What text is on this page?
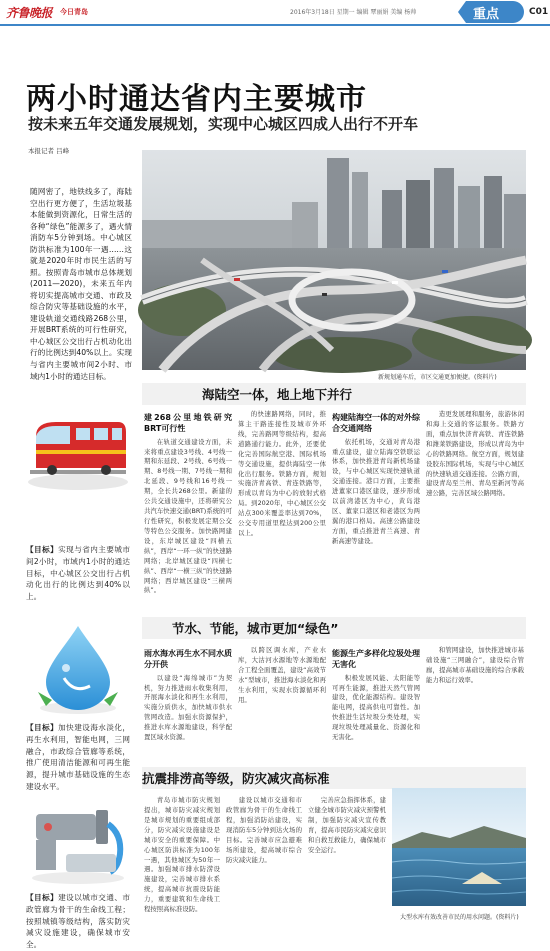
齐鲁晚报 今日青岛	2016年3月18日 星期一 编辑 覃丽娟 美编 杨帅	重点	C01
两小时通达省内主要城市
按未来五年交通发展规划，实现中心城区四成人出行不开车
本报记者 吕峰
随网密了，地铁线多了，海陆空出行更方便了，生活垃圾基本能做到资源化，日常生活的各种“绿色”能源多了，遇火情消防车5分钟到场。中心城区防洪标准为100年一遇……这就是2020年时市民生活的写照。按照青岛市城市总体规划(2011—2020)，未来五年内将切实提高城市交通、市政及综合防灾等基础设施的水平，建设轨道交通线路268公里，开展BRT系统的可行性研究，中心城区公交出行占机动化出行的比例达到40%以上。实现与省内主要城市间2小时、市域内1小时的通达目标。	新规划通车后，市区交通更加便捷。(资料片)
海陆空一体，地上地下并行
【目标】实现与省内主要城市间2小时，市域内1小时的通达目标，中心城区公交出行占机动化出行的比例达到40%以上。
建268公里地铁研究BRT可行性

在轨道交通建设方面，未来将重点建设3号线、4号线一期和东延段、2号线、6号线一期、8号线一期、7号线一期和北延段、9号线和16号线一期，全长共268公里。新建的公共交通设施中，还将研究公共汽车快速交通(BRT)系统的可行性研究，积极发展定期公交等特色公交服务。加快路网建设，东岸城区建设“四横五纵”，西岸“一环一纵”的快速路网络；北岸城区建设“四横七纵”、西岸“一横三纵”的快速路网络；西岸城区建设“三横两纵”。

的快速路网络，同时，推算主干路连接性及城市外环线，完善路网等级结构，提高道路通行能力。此外，还要优化完善国际航空港、国际机场等交通设施，提供海陆空一体化出行服务。铁路方面，规划实施济青高铁、青连铁路等，形成以青岛为中心的放射式格局。到2020年，中心城区公交站点300米覆盖率达到70%，公交专用道里程达到200公里以上。

构建陆海空一体的对外综合交通网络

依托机场，交通对青岛港重点建设，建立陆海空铁联运体系，加快推进青岛新机场建设，与中心城区实现快速轨道交通连接。港口方面，主要推进董家口港区建设，逐步形成以前湾港区为中心，黄岛港区、董家口港区和老港区为两翼的港口格局。高速公路建设方面，重点推进青兰高速、青新高速等建设。

造更发展理和服务，旅游休闲和海上交通的客运服务。铁路方面，重点加快济青高铁、青连铁路和潍莱铁路建设，形成以青岛为中心的铁路网络。航空方面，规划建设胶东国际机场，实现与中心城区的快速轨道交通连接。公路方面，建设青岛至兰州、青岛至新河等高速公路，完善区域公路网络。

节水、节能，城市更加“绿色”
【目标】加快建设海水淡化，再生水利用，智能电网，三网融合，市政综合管廊等系统，推广使用清洁能源和可再生能源，提升城市基础设施的生态建设水平。
雨水海水再生水不同水质分开供

以建设“海绵城市”为契机，努力推进雨水收集利用，开展海水淡化和再生水利用，实施分质供水，加快城市供水管网改造。加强水资源保护，推进水库水源地建设，科学配置区域水资源。

以跨区调水库，产业水库，大沽河水源地等水源地配合工程全面覆盖，建设“高效节水”型城市，推进海水淡化和再生水利用，实现水资源循环利用。

能源生产多样化垃圾处理无害化

积极发展风能、太阳能等可再生能源，推进天然气管网建设，优化能源结构。建设智能电网，提高供电可靠性。加快推进生活垃圾分类处理，实现垃圾处理减量化、资源化和无害化。

和管网建设，加快推进城市基础设施“三网融合”，建设综合管廊，提高城市基础设施的综合承载能力和运行效率。

抗震排涝高等级，防灾减灾高标准
【目标】建设以城市交通、市政管廊为骨干的生命线工程；按照城镇等级结构，落实防灾减灾设施建设，确保城市安全。

青岛市城市防灾规划提出，城市防灾减灾规划是城市规划的重要组成部分，防灾减灾设施建设是城市安全的重要保障。中心城区防洪标准为100年一遇，其他城区为50年一遇。加强城市排水防涝设施建设，完善城市排水系统，提高城市抗震设防能力，重要建筑和生命线工程按照高标准设防。

建设以城市交通和市政管廊为骨干的生命线工程，加强消防站建设，实现消防车5分钟到达火场的目标。完善城市应急避难场所建设，提高城市综合防灾减灾能力。

完善应急指挥体系，建立健全城市防灾减灾预警机制，加强防灾减灾宣传教育，提高市民防灾减灾意识和自救互救能力，确保城市安全运行。

大型水库有效改善市民的用水问题。(资料片)
